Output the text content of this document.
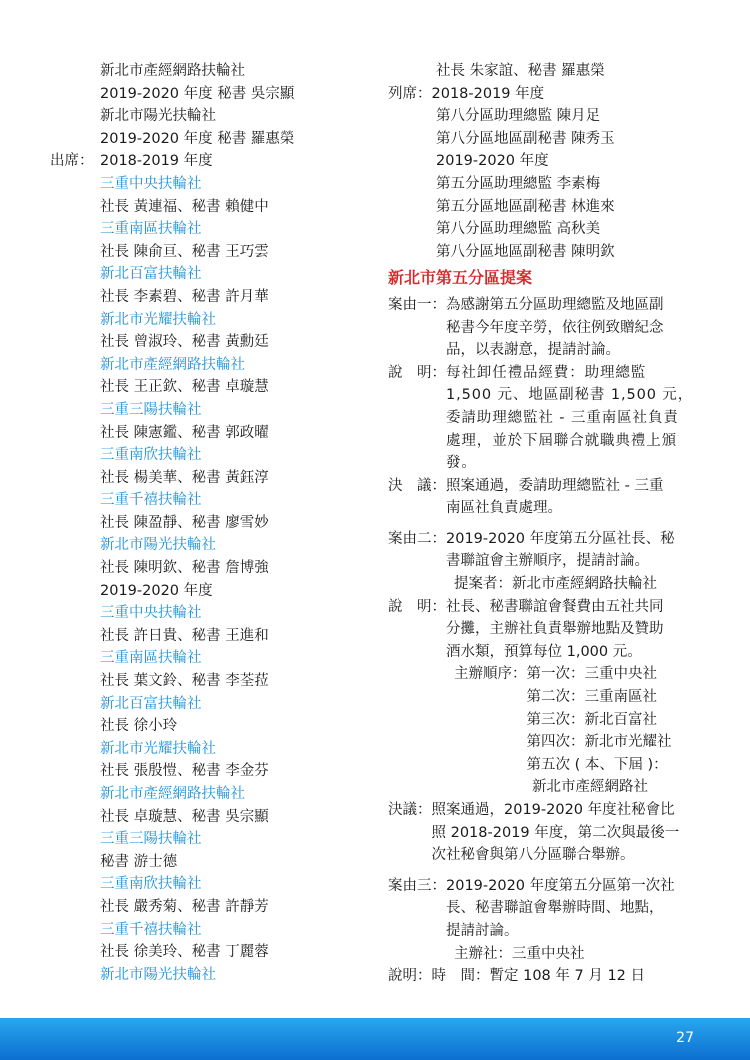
新北市產經網路扶輪社
2019-2020 年度 秘書 吳宗顯
新北市陽光扶輪社
2019-2020 年度 秘書 羅惠榮
出席： 2018-2019 年度
三重中央扶輪社
社長 黃連福、秘書 賴健中
三重南區扶輪社
社長 陳俞亘、秘書 王巧雲
新北百富扶輪社
社長 李素碧、秘書 許月華
新北市光耀扶輪社
社長 曾淑玲、秘書 黃勳廷
新北市產經網路扶輪社
社長 王正欽、秘書 卓璇慧
三重三陽扶輪社
社長 陳憲鑑、秘書 郭政曜
三重南欣扶輪社
社長 楊美華、秘書 黃鈺淳
三重千禧扶輪社
社長 陳盈靜、秘書 廖雪妙
新北市陽光扶輪社
社長 陳明欽、秘書 詹博強
2019-2020 年度
三重中央扶輪社
社長 許日貴、秘書 王進和
三重南區扶輪社
社長 葉文鈴、秘書 李荃菈
新北百富扶輪社
社長 徐小玲
新北市光耀扶輪社
社長 張殷愷、秘書 李金芬
新北市產經網路扶輪社
社長 卓璇慧、秘書 吳宗顯
三重三陽扶輪社
秘書 游士德
三重南欣扶輪社
社長 嚴秀菊、秘書 許靜芳
三重千禧扶輪社
社長 徐美玲、秘書 丁麗蓉
新北市陽光扶輪社
社長 朱家誼、秘書 羅惠榮
列席： 2018-2019 年度
第八分區助理總監 陳月足
第八分區地區副秘書 陳秀玉
2019-2020 年度
第五分區助理總監 李素梅
第五分區地區副秘書 林進來
第八分區助理總監 高秋美
第八分區地區副秘書 陳明欽
新北市第五分區提案
案由一： 為感謝第五分區助理總監及地區副
秘書今年度辛勞，依往例致贈紀念
品，以表謝意，提請討論。
說　明： 每社卸任禮品經費：助理總監
1,500 元、地區副秘書 1,500 元，
委請助理總監社 - 三重南區社負責
處理，並於下屆聯合就職典禮上頒
發。
決　議： 照案通過，委請助理總監社 - 三重
南區社負責處理。
案由二： 2019-2020 年度第五分區社長、秘
書聯誼會主辦順序，提請討論。
提案者：新北市產經網路扶輪社
說　明： 社長、秘書聯誼會餐費由五社共同
分攤，主辦社負責舉辦地點及贊助
酒水類，預算每位 1,000 元。
主辦順序： 第一次：三重中央社
第二次：三重南區社
第三次：新北百富社
第四次：新北市光耀社
第五次 ( 本、下屆 )：
新北市產經網路社
決議： 照案通過，2019-2020 年度社秘會比
照 2018-2019 年度，第二次與最後一
次社秘會與第八分區聯合舉辦。
案由三： 2019-2020 年度第五分區第一次社
長、秘書聯誼會舉辦時間、地點，
提請討論。
主辦社：三重中央社
說明：時　間：暫定 108 年 7 月 12 日
27
